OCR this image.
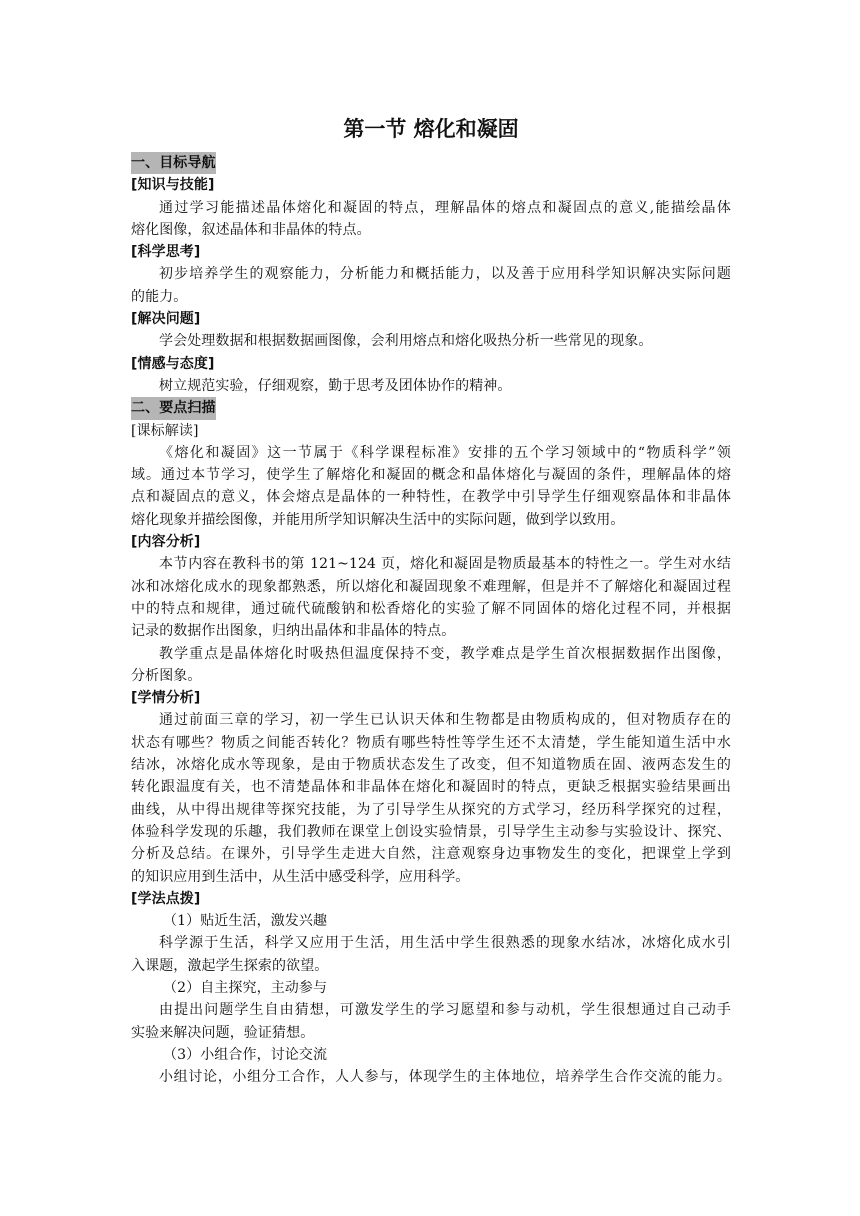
第一节 熔化和凝固
一、目标导航
[知识与技能]
通过学习能描述晶体熔化和凝固的特点，理解晶体的熔点和凝固点的意义,能描绘晶体
熔化图像，叙述晶体和非晶体的特点。
[科学思考]
初步培养学生的观察能力，分析能力和概括能力，以及善于应用科学知识解决实际问题
的能力。
[解决问题]
学会处理数据和根据数据画图像，会利用熔点和熔化吸热分析一些常见的现象。
[情感与态度]
树立规范实验，仔细观察，勤于思考及团体协作的精神。
二、要点扫描
[课标解读]
《熔化和凝固》这一节属于《科学课程标准》安排的五个学习领域中的“物质科学”领
域。通过本节学习，使学生了解熔化和凝固的概念和晶体熔化与凝固的条件，理解晶体的熔
点和凝固点的意义，体会熔点是晶体的一种特性，在教学中引导学生仔细观察晶体和非晶体
熔化现象并描绘图像，并能用所学知识解决生活中的实际问题，做到学以致用。
[内容分析]
本节内容在教科书的第 121~124 页，熔化和凝固是物质最基本的特性之一。学生对水结
冰和冰熔化成水的现象都熟悉，所以熔化和凝固现象不难理解，但是并不了解熔化和凝固过程
中的特点和规律，通过硫代硫酸钠和松香熔化的实验了解不同固体的熔化过程不同，并根据
记录的数据作出图象，归纳出晶体和非晶体的特点。
教学重点是晶体熔化时吸热但温度保持不变，教学难点是学生首次根据数据作出图像，
分析图象。
[学情分析]
通过前面三章的学习，初一学生已认识天体和生物都是由物质构成的，但对物质存在的
状态有哪些？物质之间能否转化？物质有哪些特性等学生还不太清楚，学生能知道生活中水
结冰，冰熔化成水等现象，是由于物质状态发生了改变，但不知道物质在固、液两态发生的
转化跟温度有关，也不清楚晶体和非晶体在熔化和凝固时的特点，更缺乏根据实验结果画出
曲线，从中得出规律等探究技能，为了引导学生从探究的方式学习，经历科学探究的过程，
体验科学发现的乐趣，我们教师在课堂上创设实验情景，引导学生主动参与实验设计、探究、
分析及总结。在课外，引导学生走进大自然，注意观察身边事物发生的变化，把课堂上学到
的知识应用到生活中，从生活中感受科学，应用科学。
[学法点拨]
（1）贴近生活，激发兴趣
科学源于生活，科学又应用于生活，用生活中学生很熟悉的现象水结冰，冰熔化成水引
入课题，激起学生探索的欲望。
（2）自主探究，主动参与
由提出问题学生自由猜想，可激发学生的学习愿望和参与动机，学生很想通过自己动手
实验来解决问题，验证猜想。
（3）小组合作，讨论交流
小组讨论，小组分工合作，人人参与，体现学生的主体地位，培养学生合作交流的能力。
